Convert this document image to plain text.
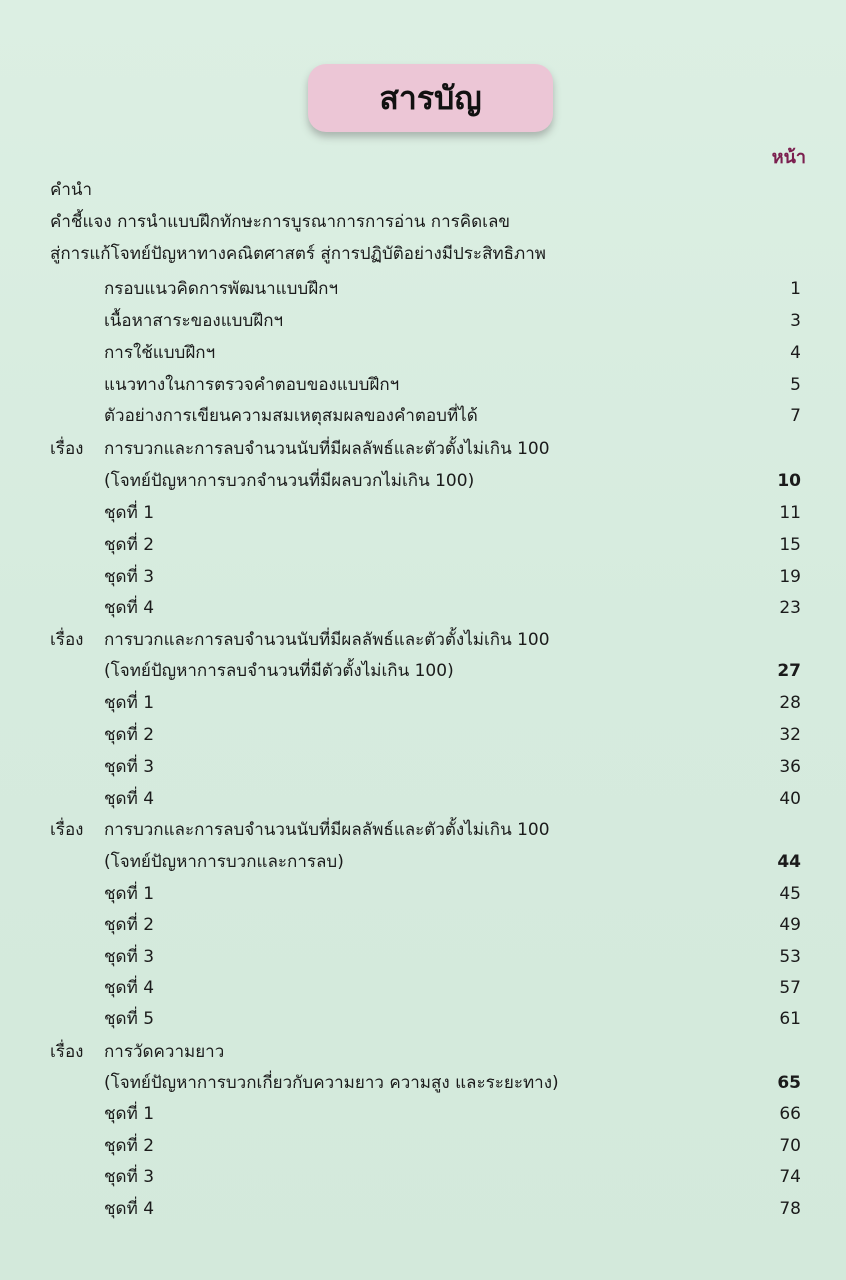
สารบัญ
หน้า
คำนำ
คำชี้แจง การนำแบบฝึกทักษะการบูรณาการการอ่าน การคิดเลข
สู่การแก้โจทย์ปัญหาทางคณิตศาสตร์ สู่การปฏิบัติอย่างมีประสิทธิภาพ
กรอบแนวคิดการพัฒนาแบบฝึกฯ	1
เนื้อหาสาระของแบบฝึกฯ	3
การใช้แบบฝึกฯ	4
แนวทางในการตรวจคำตอบของแบบฝึกฯ	5
ตัวอย่างการเขียนความสมเหตุสมผลของคำตอบที่ได้	7
เรื่อง การบวกและการลบจำนวนนับที่มีผลลัพธ์และตัวตั้งไม่เกิน 100
(โจทย์ปัญหาการบวกจำนวนที่มีผลบวกไม่เกิน 100)	10
ชุดที่ 1	11
ชุดที่ 2	15
ชุดที่ 3	19
ชุดที่ 4	23
เรื่อง การบวกและการลบจำนวนนับที่มีผลลัพธ์และตัวตั้งไม่เกิน 100
(โจทย์ปัญหาการลบจำนวนที่มีตัวตั้งไม่เกิน 100)	27
ชุดที่ 1	28
ชุดที่ 2	32
ชุดที่ 3	36
ชุดที่ 4	40
เรื่อง การบวกและการลบจำนวนนับที่มีผลลัพธ์และตัวตั้งไม่เกิน 100
(โจทย์ปัญหาการบวกและการลบ)	44
ชุดที่ 1	45
ชุดที่ 2	49
ชุดที่ 3	53
ชุดที่ 4	57
ชุดที่ 5	61
เรื่อง การวัดความยาว
(โจทย์ปัญหาการบวกเกี่ยวกับความยาว ความสูง และระยะทาง)	65
ชุดที่ 1	66
ชุดที่ 2	70
ชุดที่ 3	74
ชุดที่ 4	78
